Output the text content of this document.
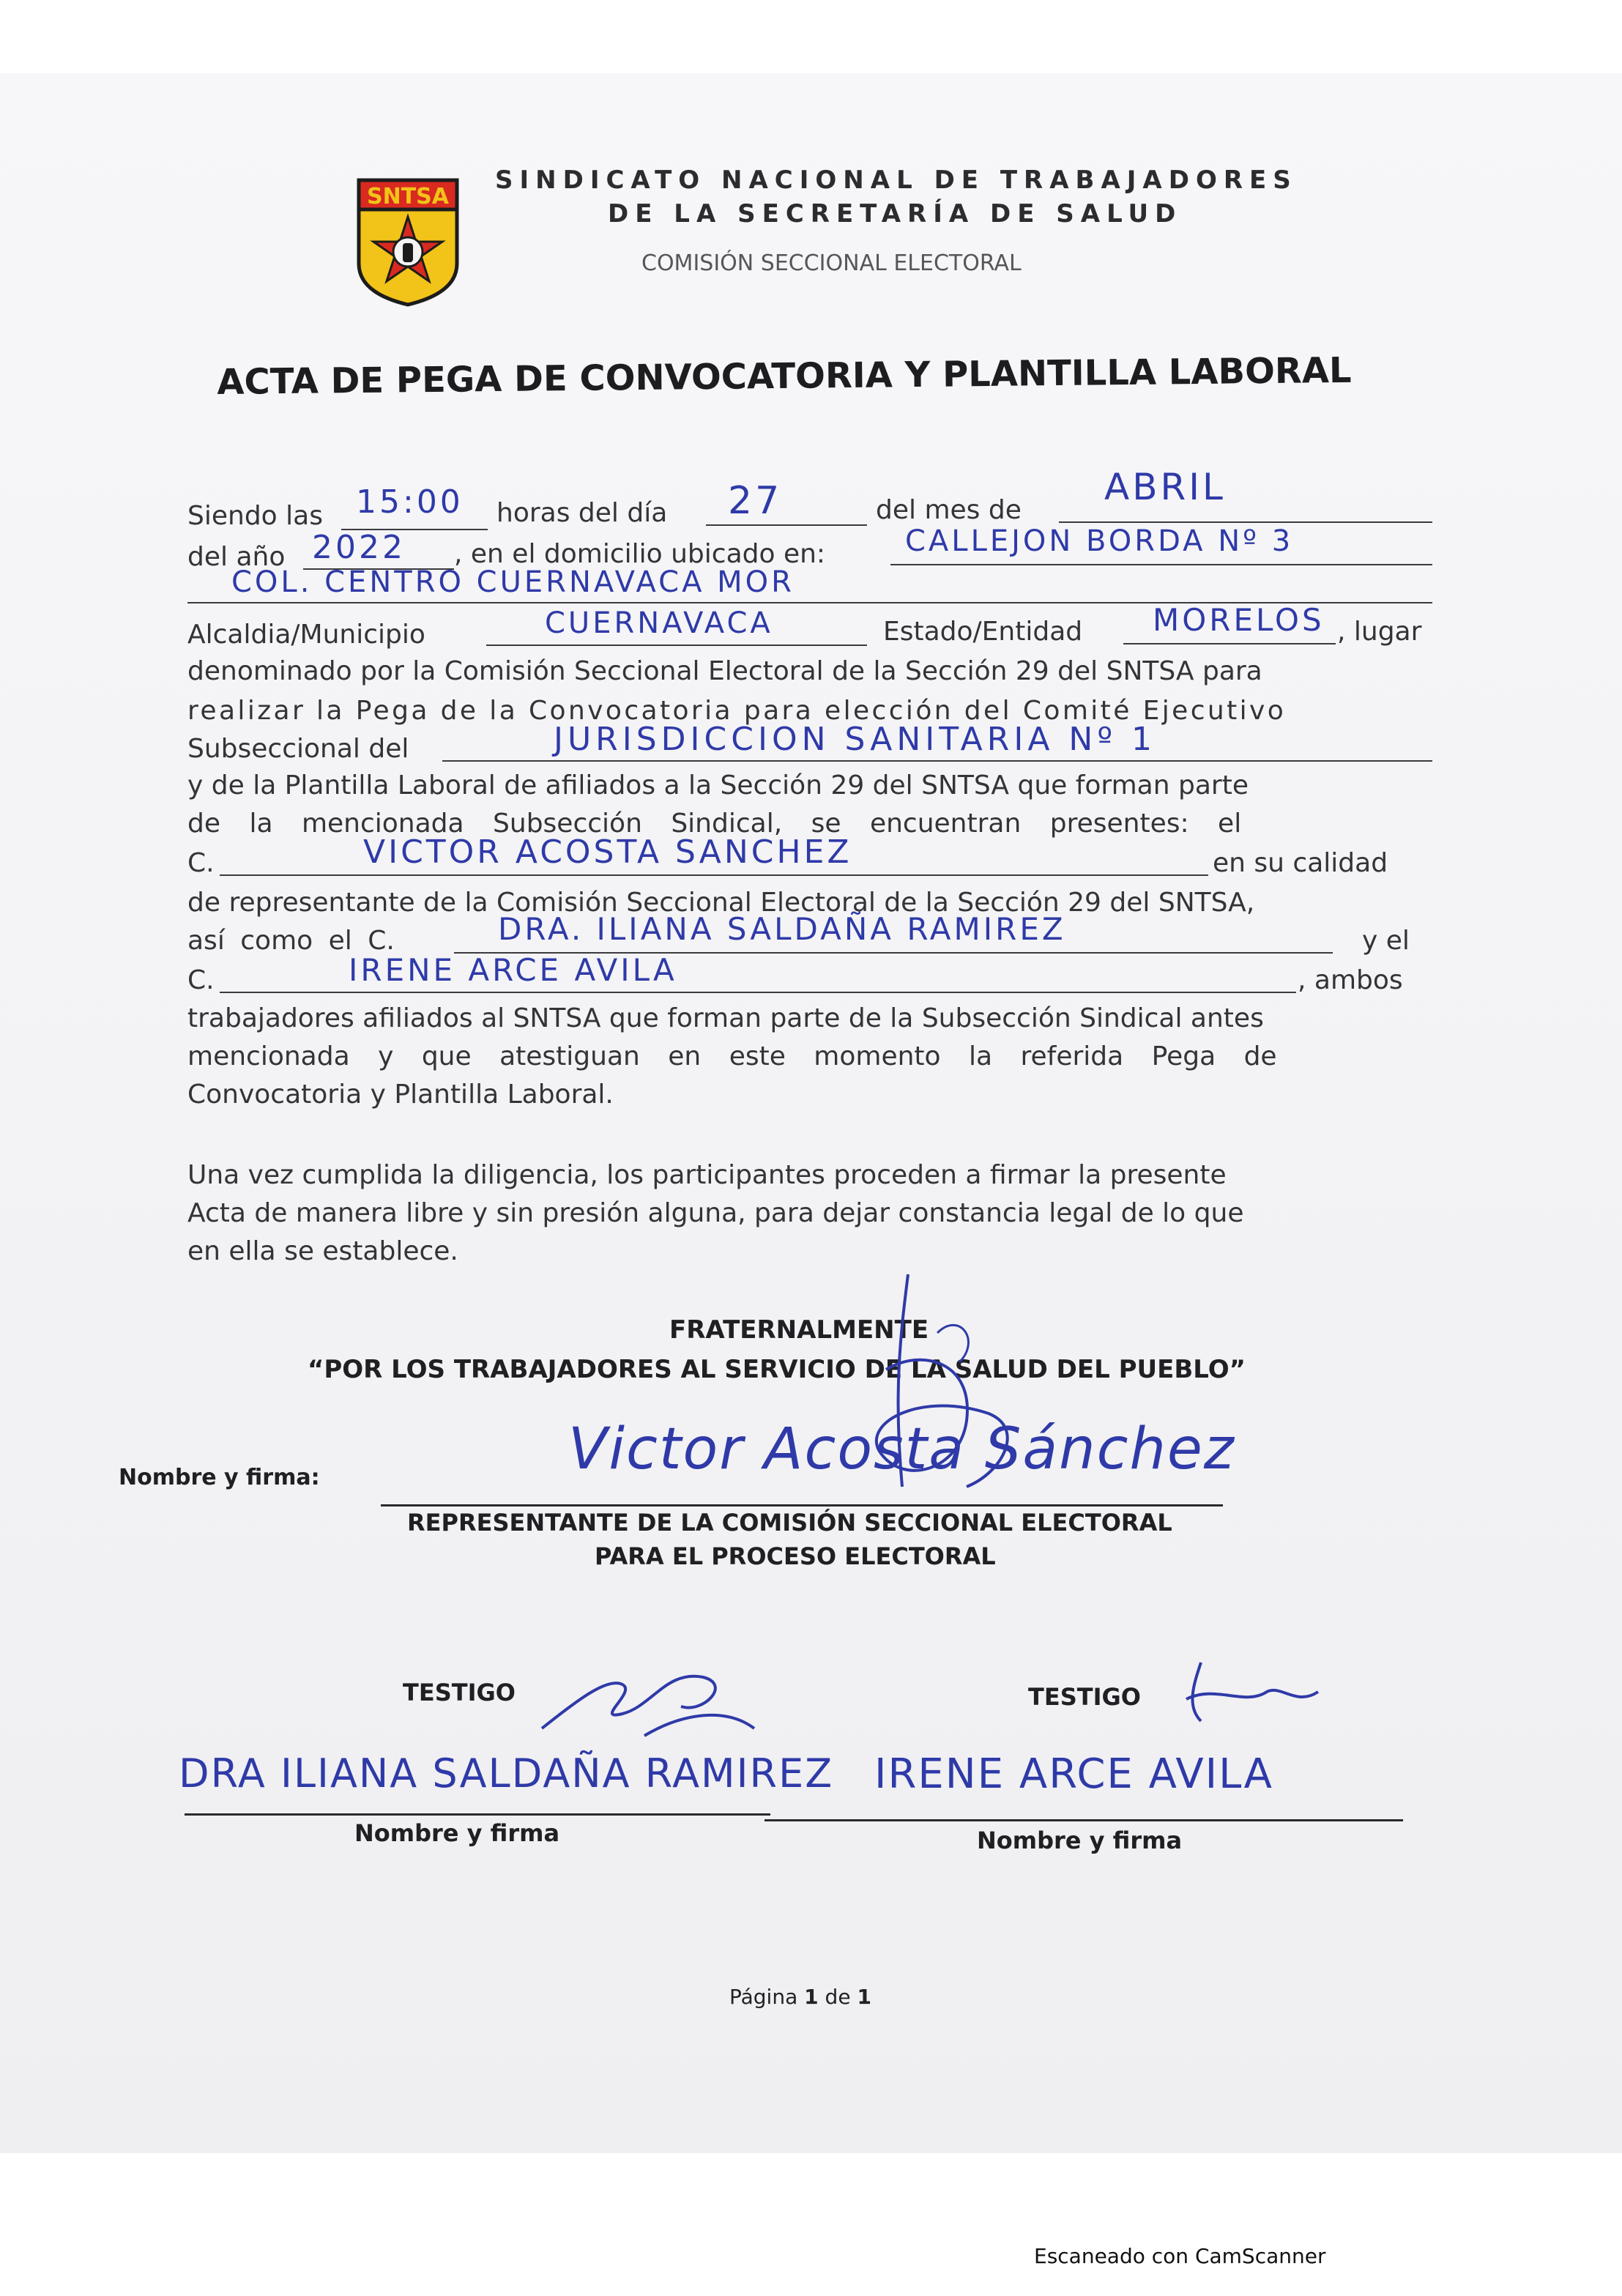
SNTSA
SINDICATO NACIONAL DE TRABAJADORES
DE LA SECRETARÍA DE SALUD
COMISIÓN SECCIONAL ELECTORAL
ACTA DE PEGA DE CONVOCATORIA Y PLANTILLA LABORAL
Siendo las 15:00 horas del día 27	del mes de
ABRIL
del año 2022 , en el domicilio ubicado en:	CALLEJON BORDA Nº 3
COL. CENTRO CUERNAVACA MOR
Alcaldia/Municipio	CUERNAVACA	Estado/Entidad MORELOS , lugar
denominado por la Comisión Seccional Electoral de la Sección 29 del SNTSA para
realizar la Pega de la Convocatoria para elección del Comité Ejecutivo
Subseccional del	JURISDICCION SANITARIA Nº 1
y de la Plantilla Laboral de afiliados a la Sección 29 del SNTSA que forman parte
de la mencionada Subsección Sindical, se encuentran presentes: el
C.	VICTOR ACOSTA SANCHEZ	en su calidad
de representante de la Comisión Seccional Electoral de la Sección 29 del SNTSA,
así como el C.	DRA. ILIANA SALDAÑA RAMIREZ	y el
C.	IRENE ARCE AVILA	, ambos
trabajadores afiliados al SNTSA que forman parte de la Subsección Sindical antes
mencionada y que atestiguan en este momento la referida Pega de
Convocatoria y Plantilla Laboral.
Una vez cumplida la diligencia, los participantes proceden a firmar la presente
Acta de manera libre y sin presión alguna, para dejar constancia legal de lo que
en ella se establece.
FRATERNALMENTE
“POR LOS TRABAJADORES AL SERVICIO DE LA SALUD DEL PUEBLO”
Nombre y firma:	Victor Acosta Sánchez
REPRESENTANTE DE LA COMISIÓN SECCIONAL ELECTORAL
PARA EL PROCESO ELECTORAL
TESTIGO	TESTIGO
DRA ILIANA SALDAÑA RAMIREZ IRENE ARCE AVILA
Nombre y firma	Nombre y firma
Página 1 de 1
Escaneado con CamScanner
